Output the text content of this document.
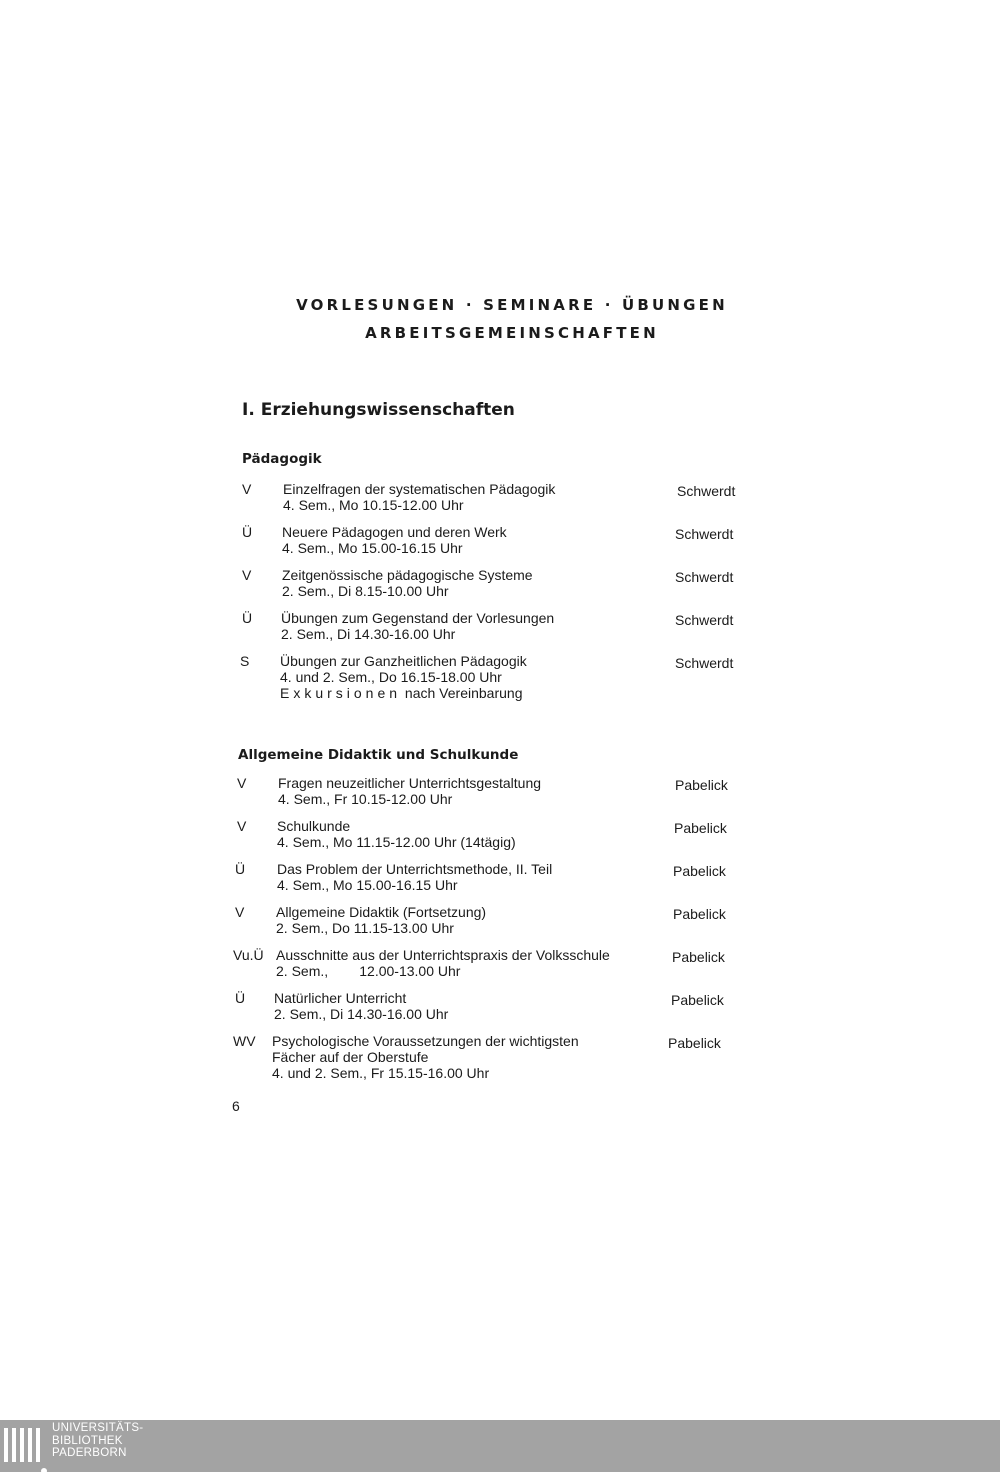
VORLESUNGEN · SEMINARE · ÜBUNGEN
ARBEITSGEMEINSCHAFTEN
I. Erziehungswissenschaften
Pädagogik
Allgemeine Didaktik und Schulkunde
V Einzelfragen der systematischen Pädagogik
4. Sem., Mo 10.15-12.00 Uhr
Schwerdt
Ü Neuere Pädagogen und deren Werk
4. Sem., Mo 15.00-16.15 Uhr
Schwerdt
V Zeitgenössische pädagogische Systeme
2. Sem., Di 8.15-10.00 Uhr
Schwerdt
Ü Übungen zum Gegenstand der Vorlesungen
2. Sem., Di 14.30-16.00 Uhr
Schwerdt
S Übungen zur Ganzheitlichen Pädagogik
4. und 2. Sem., Do 16.15-18.00 Uhr
Exkursionen nach Vereinbarung
Schwerdt
V Fragen neuzeitlicher Unterrichtsgestaltung
4. Sem., Fr 10.15-12.00 Uhr
Pabelick
V Schulkunde
4. Sem., Mo 11.15-12.00 Uhr (14tägig)
Pabelick
Ü Das Problem der Unterrichtsmethode, II. Teil
4. Sem., Mo 15.00-16.15 Uhr
Pabelick
V Allgemeine Didaktik (Fortsetzung)
2. Sem., Do 11.15-13.00 Uhr
Pabelick
Vu.Ü Ausschnitte aus der Unterrichtspraxis der Volksschule
2. Sem.,        12.00-13.00 Uhr
Pabelick
Ü Natürlicher Unterricht
2. Sem., Di 14.30-16.00 Uhr
Pabelick
WV Psychologische Voraussetzungen der wichtigsten
Fächer auf der Oberstufe
4. und 2. Sem., Fr 15.15-16.00 Uhr
Pabelick

6

UNIVERSITÄTS-
BIBLIOTHEK
PADERBORN
